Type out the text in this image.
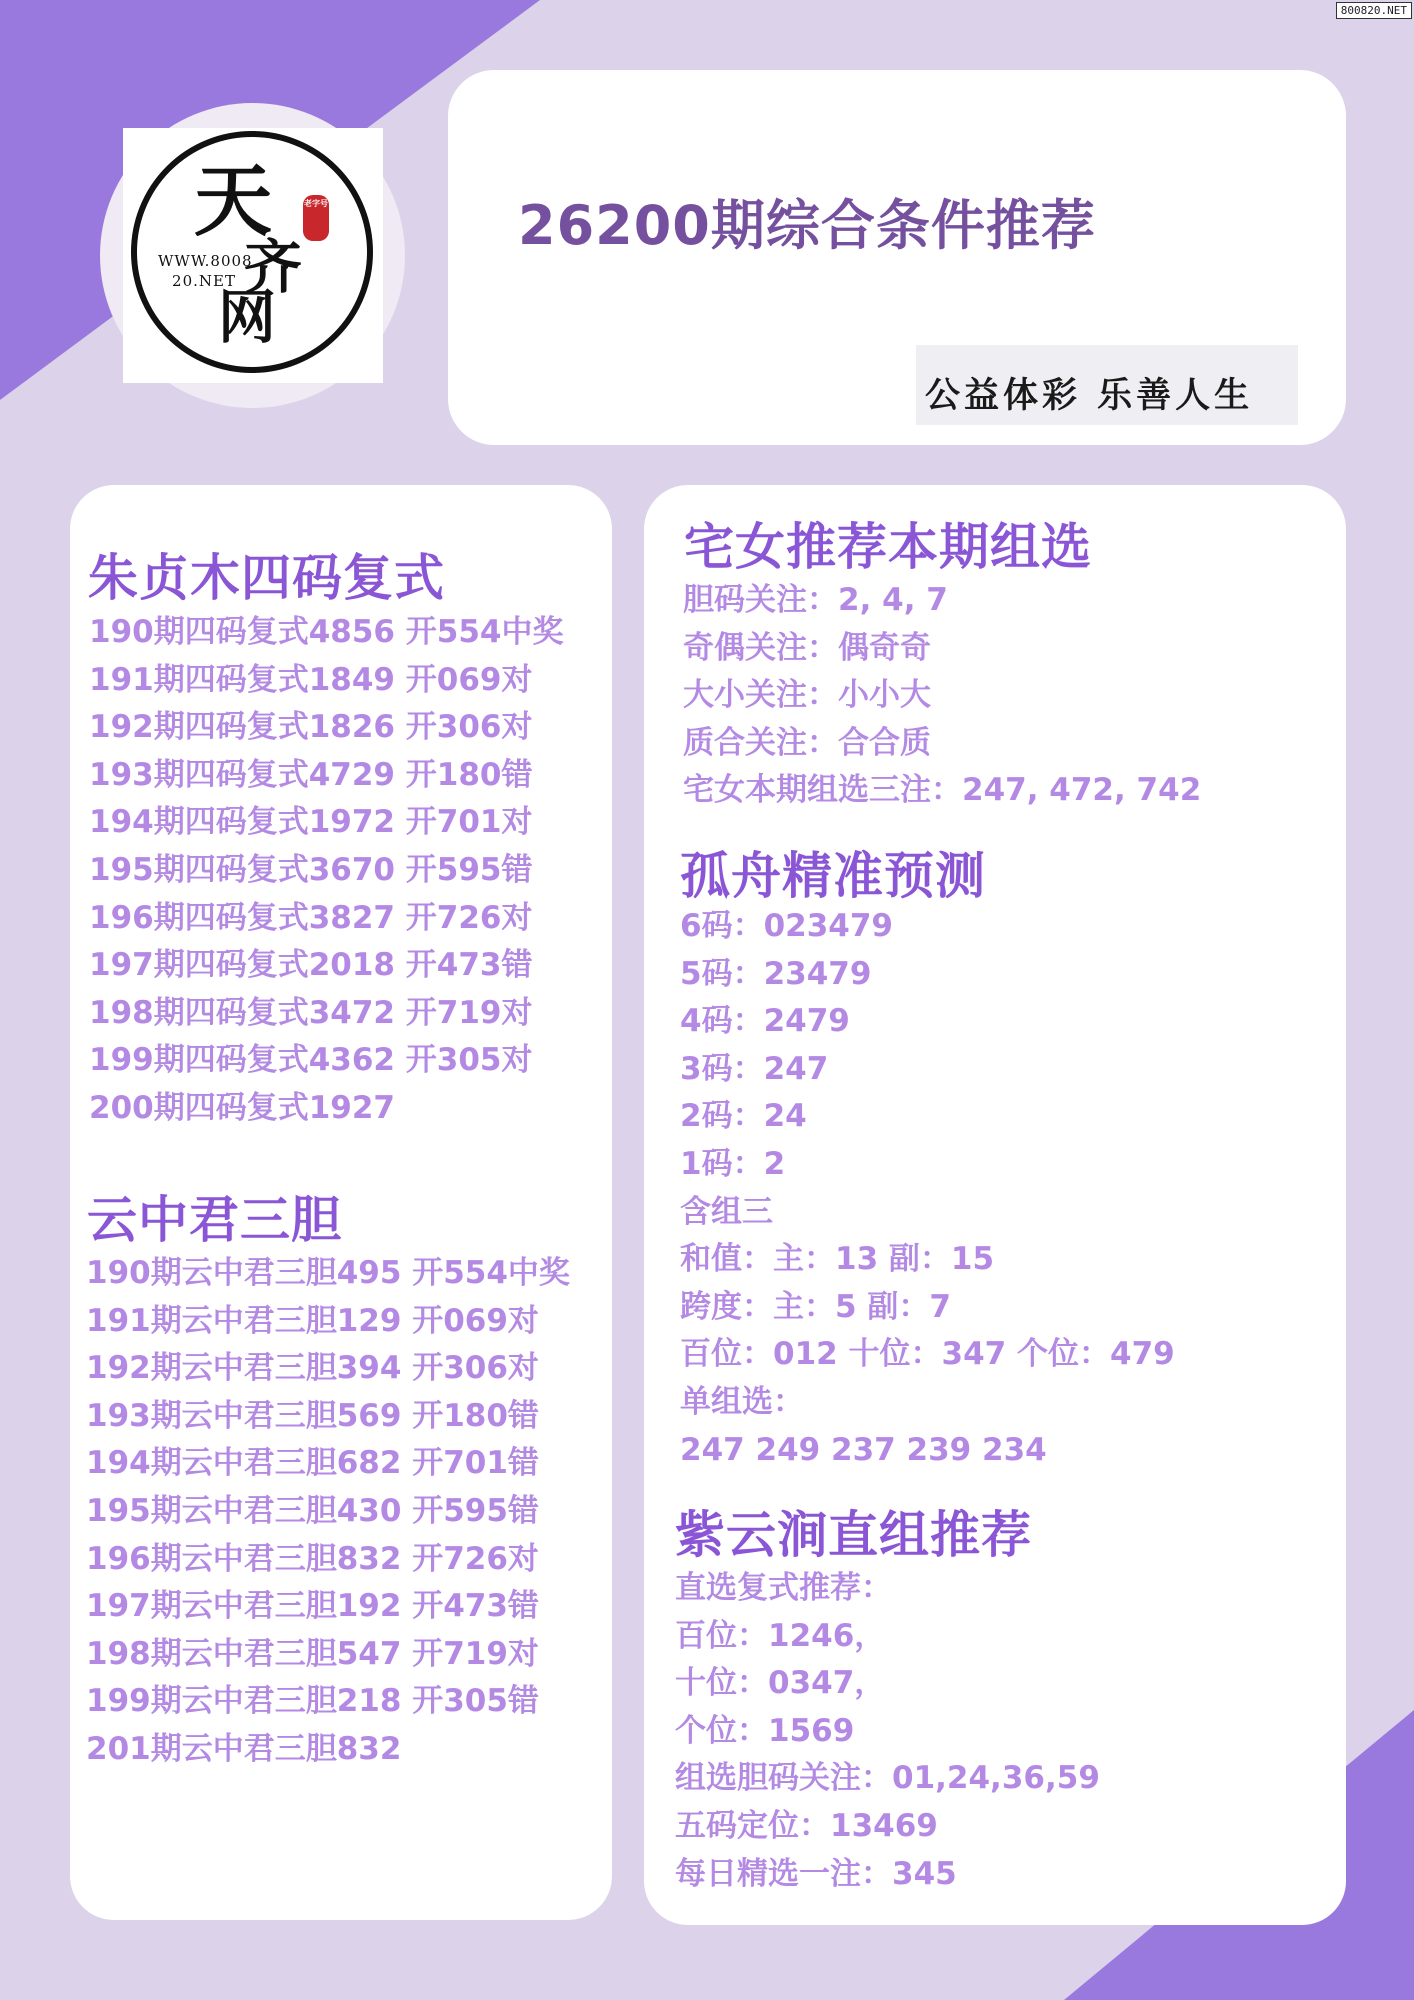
800820.NET
天
齐
网
WWW.8008
20.NET
老字号	26200期综合条件推荐
公益体彩 乐善人生
朱贞木四码复式
190期四码复式4856 开554中奖
191期四码复式1849 开069对
192期四码复式1826 开306对
193期四码复式4729 开180错
194期四码复式1972 开701对
195期四码复式3670 开595错
196期四码复式3827 开726对
197期四码复式2018 开473错
198期四码复式3472 开719对
199期四码复式4362 开305对
200期四码复式1927
云中君三胆
190期云中君三胆495 开554中奖
191期云中君三胆129 开069对
192期云中君三胆394 开306对
193期云中君三胆569 开180错
194期云中君三胆682 开701错
195期云中君三胆430 开595错
196期云中君三胆832 开726对
197期云中君三胆192 开473错
198期云中君三胆547 开719对
199期云中君三胆218 开305错
201期云中君三胆832
宅女推荐本期组选
胆码关注：2, 4, 7
奇偶关注：偶奇奇
大小关注：小小大
质合关注：合合质
宅女本期组选三注：247, 472, 742
孤舟精准预测
6码：023479
5码：23479
4码：2479
3码：247
2码：24
1码：2
含组三
和值：主：13 副：15
跨度：主：5 副：7
百位：012 十位：347 个位：479
单组选：
247 249 237 239 234
紫云涧直组推荐
直选复式推荐：
百位：1246，
十位：0347，
个位：1569
组选胆码关注：01,24,36,59
五码定位：13469
每日精选一注：345
